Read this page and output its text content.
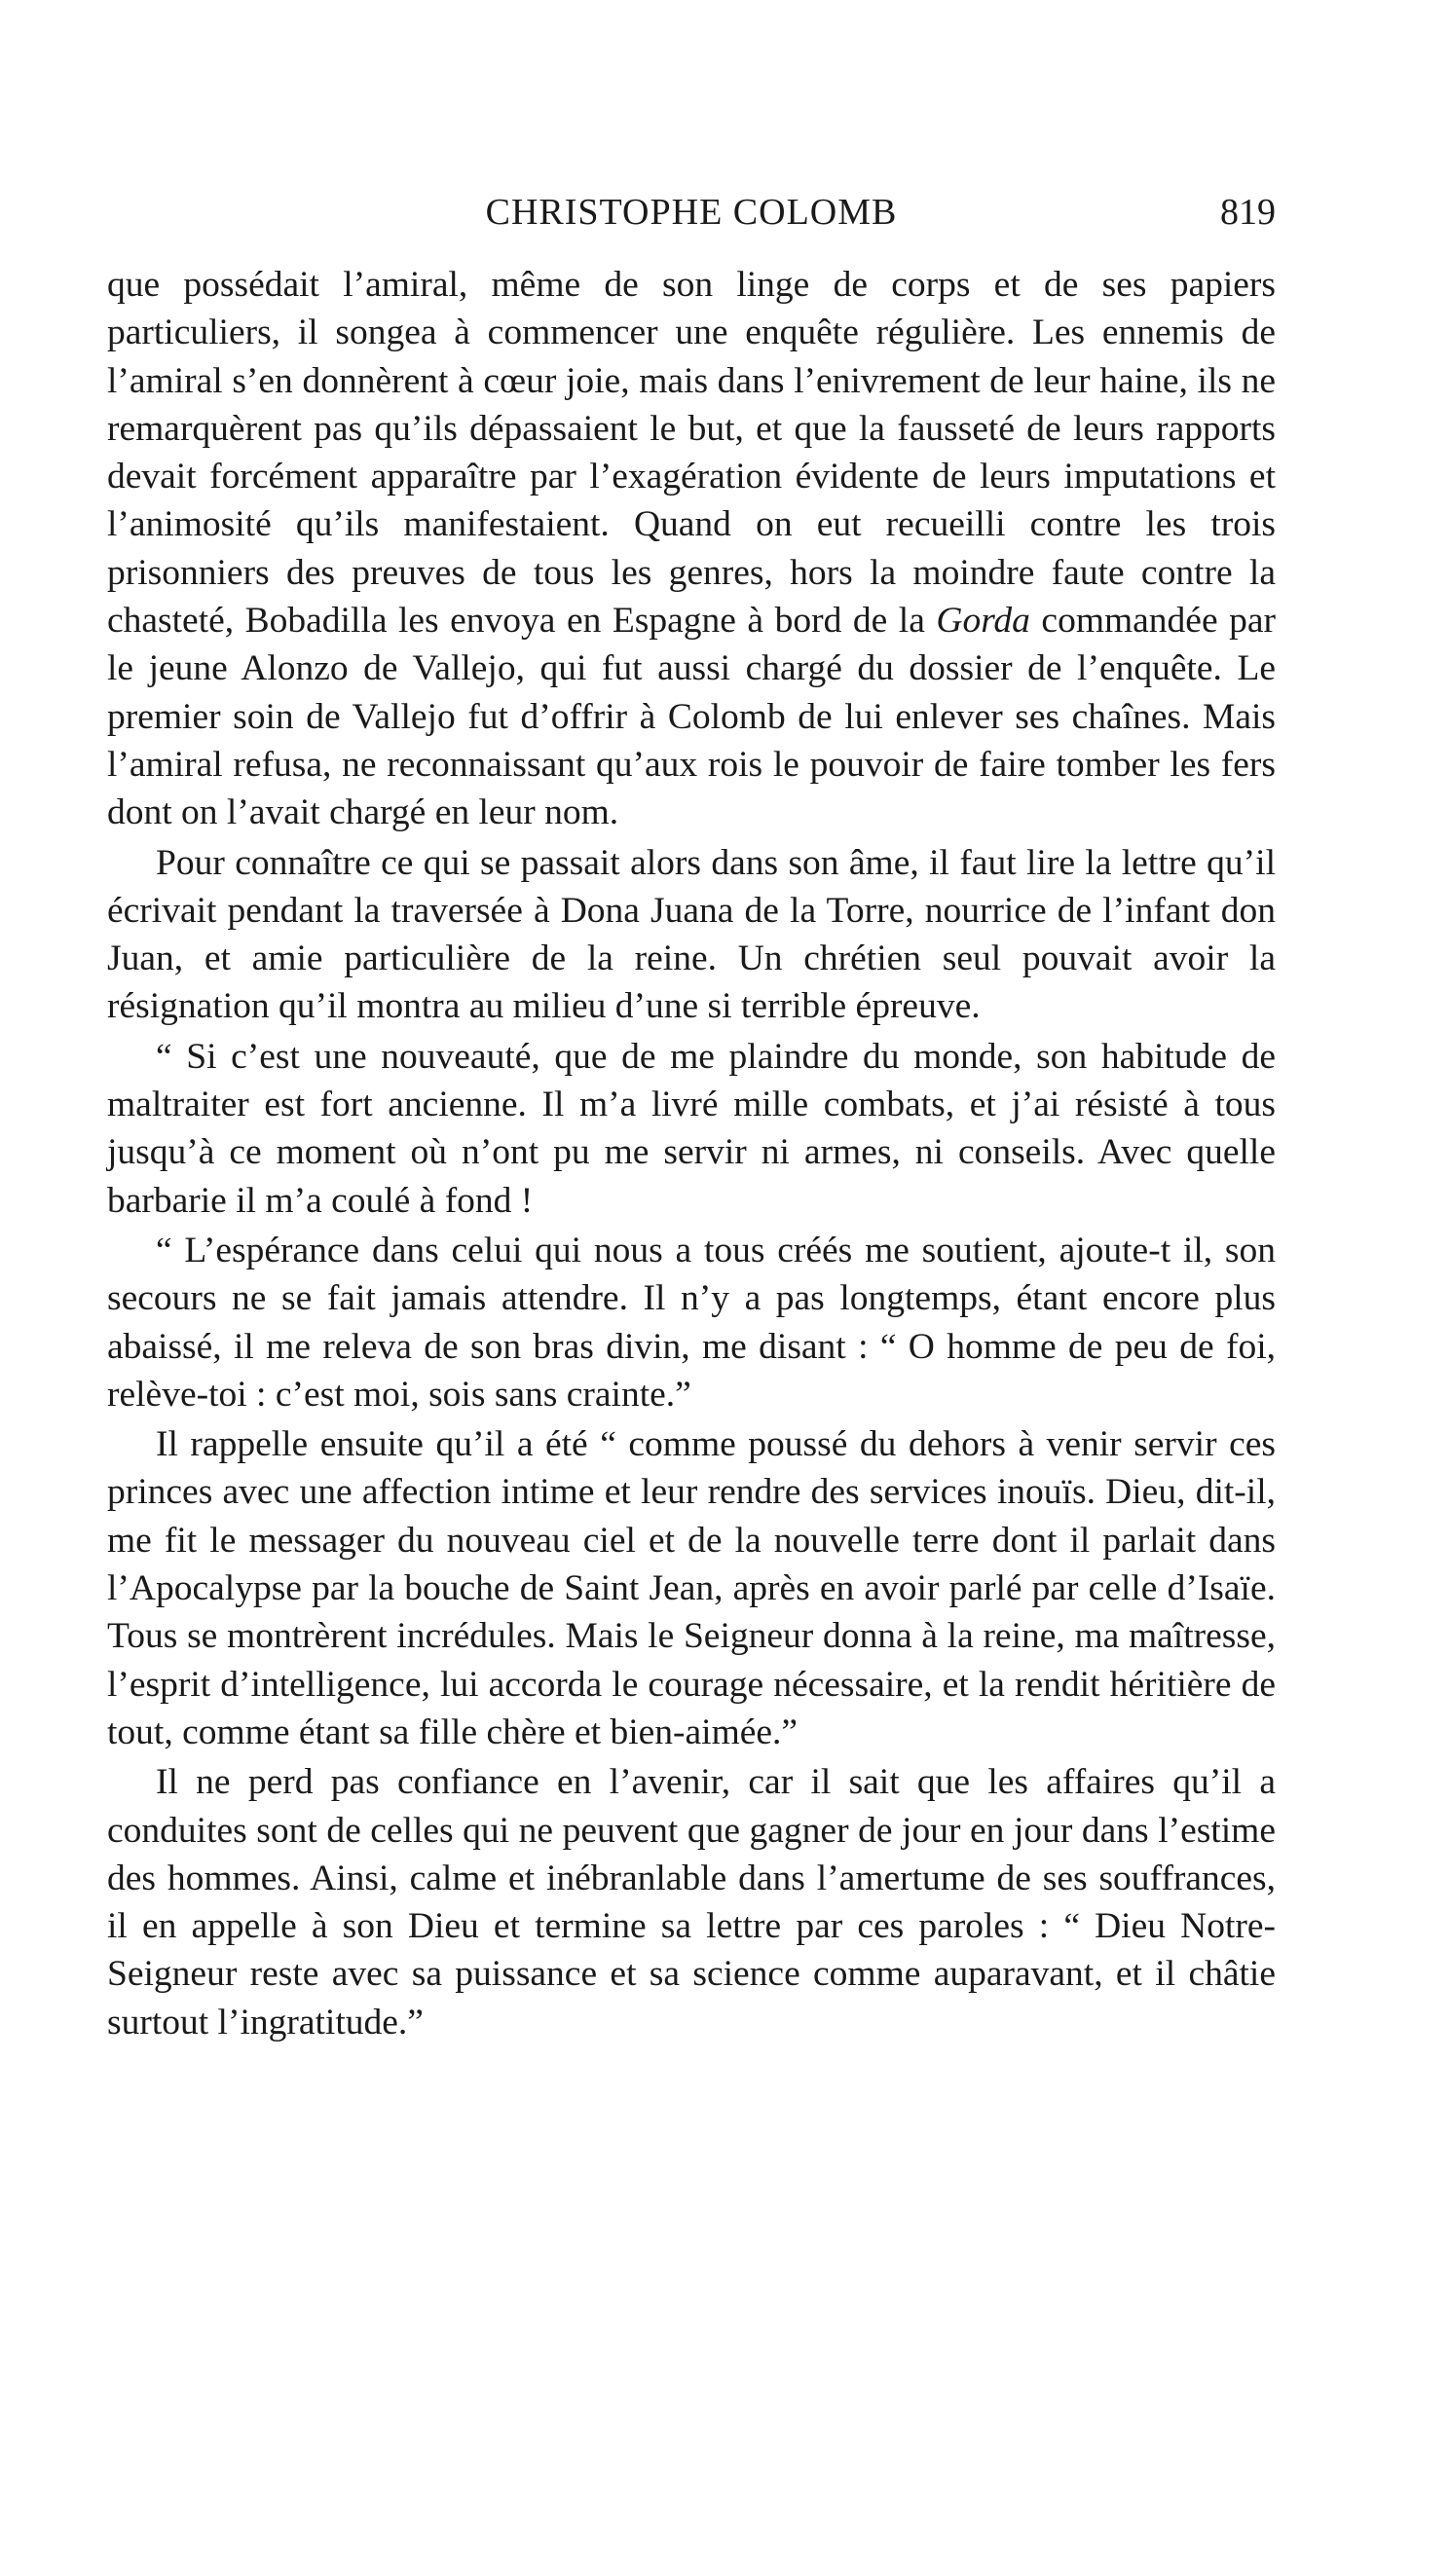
CHRISTOPHE COLOMB	819

que possédait l’amiral, même de son linge de corps et de ses papiers particuliers, il songea à commencer une enquête régulière. Les ennemis de l’amiral s’en donnèrent à cœur joie, mais dans l’enivrement de leur haine, ils ne remarquèrent pas qu’ils dépassaient le but, et que la fausseté de leurs rapports devait forcément apparaître par l’exagération évidente de leurs imputations et l’animosité qu’ils manifestaient. Quand on eut recueilli contre les trois prisonniers des preuves de tous les genres, hors la moindre faute contre la chasteté, Bobadilla les envoya en Espagne à bord de la Gorda commandée par le jeune Alonzo de Vallejo, qui fut aussi chargé du dossier de l’enquête. Le premier soin de Vallejo fut d’offrir à Colomb de lui enlever ses chaînes. Mais l’amiral refusa, ne reconnaissant qu’aux rois le pouvoir de faire tomber les fers dont on l’avait chargé en leur nom.

Pour connaître ce qui se passait alors dans son âme, il faut lire la lettre qu’il écrivait pendant la traversée à Dona Juana de la Torre, nourrice de l’infant don Juan, et amie particulière de la reine. Un chrétien seul pouvait avoir la résignation qu’il montra au milieu d’une si terrible épreuve.

“ Si c’est une nouveauté, que de me plaindre du monde, son habitude de maltraiter est fort ancienne. Il m’a livré mille combats, et j’ai résisté à tous jusqu’à ce moment où n’ont pu me servir ni armes, ni conseils. Avec quelle barbarie il m’a coulé à fond !

“ L’espérance dans celui qui nous a tous créés me soutient, ajoute-t il, son secours ne se fait jamais attendre. Il n’y a pas longtemps, étant encore plus abaissé, il me releva de son bras divin, me disant : “ O homme de peu de foi, relève-toi : c’est moi, sois sans crainte.”

Il rappelle ensuite qu’il a été “ comme poussé du dehors à venir servir ces princes avec une affection intime et leur rendre des services inouïs. Dieu, dit-il, me fit le messager du nouveau ciel et de la nouvelle terre dont il parlait dans l’Apocalypse par la bouche de Saint Jean, après en avoir parlé par celle d’Isaïe. Tous se montrèrent incrédules. Mais le Seigneur donna à la reine, ma maîtresse, l’esprit d’intelligence, lui accorda le courage nécessaire, et la rendit héritière de tout, comme étant sa fille chère et bien-aimée.”

Il ne perd pas confiance en l’avenir, car il sait que les affaires qu’il a conduites sont de celles qui ne peuvent que gagner de jour en jour dans l’estime des hommes. Ainsi, calme et inébranlable dans l’amertume de ses souffrances, il en appelle à son Dieu et termine sa lettre par ces paroles : “ Dieu Notre-Seigneur reste avec sa puissance et sa science comme auparavant, et il châtie surtout l’ingratitude.”
